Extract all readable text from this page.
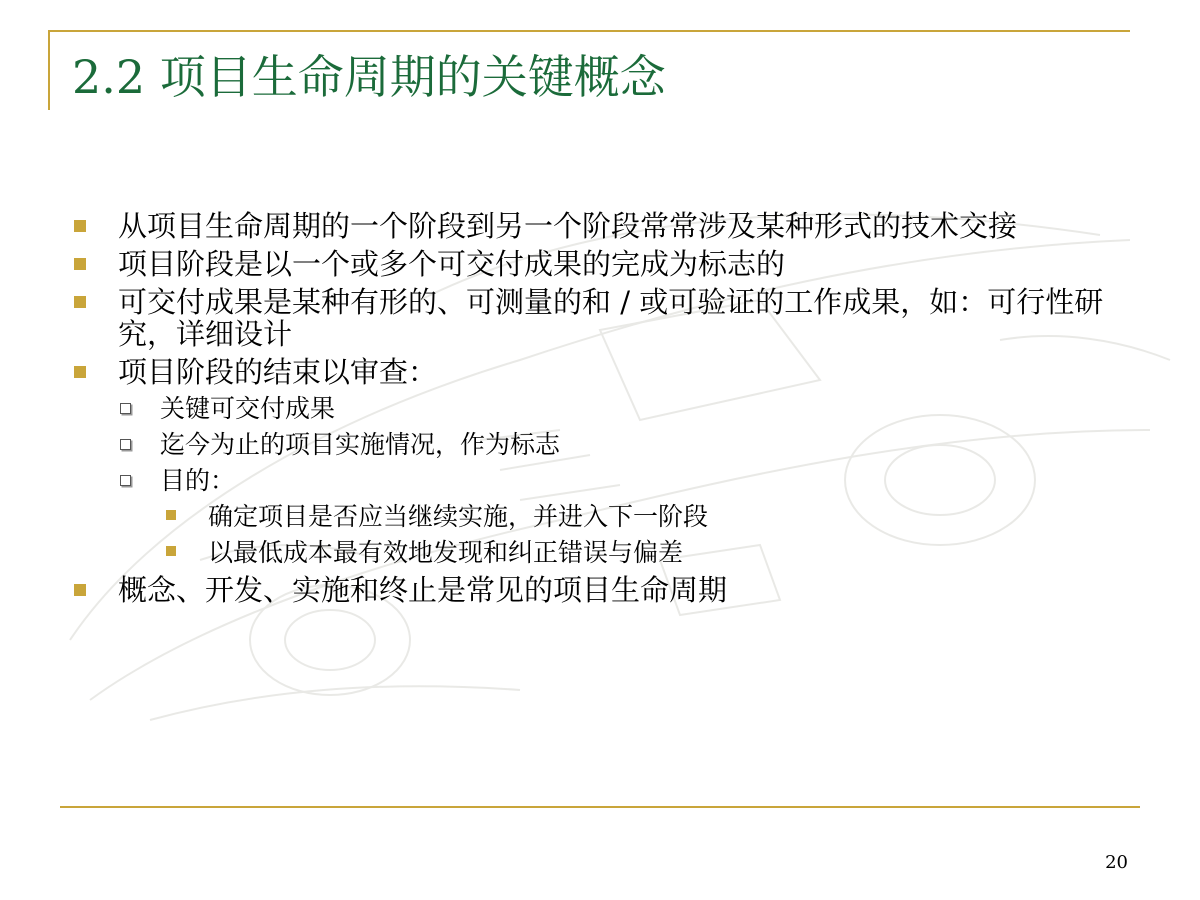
2.2 项目生命周期的关键概念
从项目生命周期的一个阶段到另一个阶段常常涉及某种形式的技术交接
项目阶段是以一个或多个可交付成果的完成为标志的
可交付成果是某种有形的、可测量的和 / 或可验证的工作成果，如：可行性研究，详细设计
项目阶段的结束以审查：
关键可交付成果
迄今为止的项目实施情况，作为标志
目的：
确定项目是否应当继续实施，并进入下一阶段
以最低成本最有效地发现和纠正错误与偏差
概念、开发、实施和终止是常见的项目生命周期
20
